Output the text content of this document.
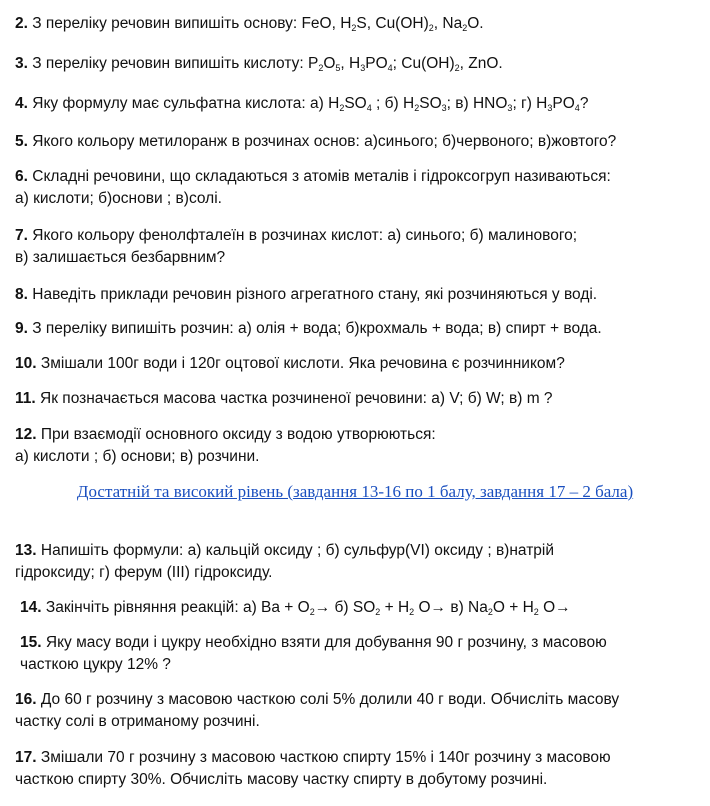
2. З переліку речовин випишіть основу: FeO, $H_2S$, $Cu(OH)_2$, $Na_2O$.
3. З переліку речовин випишіть кислоту: $P_2O_5$, $H_3PO_4$; $Cu(OH)_2$, ZnO.
4. Яку формулу має сульфатна кислота: а) $H_2SO_4$ ; б) $H_2SO_3$; в) $HNO_3$; г) $H_3PO_4$?
5. Якого кольору метилоранж в розчинах основ: а)синього; б)червоного; в)жовтого?
6. Складні речовини, що складаються з атомів металів і гідроксогруп називаються:
а) кислоти; б)основи ; в)солі.
7. Якого кольору фенолфталеїн в розчинах кислот: а) синього; б) малинового;
в) залишається безбарвним?
8. Наведіть приклади речовин різного агрегатного стану, які розчиняються у воді.
9. З переліку випишіть розчин: а) олія + вода; б)крохмаль + вода; в) спирт + вода.
10. Змішали 100г води і 120г оцтової кислоти. Яка речовина є розчинником?
11. Як позначається масова частка розчиненої речовини: а) V; б) W; в) m ?
12. При взаємодії основного оксиду з водою утворюються:
а) кислоти ; б) основи; в) розчини.
Достатній та високий рівень (завдання 13-16 по 1 балу, завдання 17 – 2 бала)
13. Напишіть формули: а) кальцій оксиду ; б) сульфур(VI) оксиду ; в)натрій
гідроксиду; г) ферум (III) гідроксиду.
14. Закінчіть рівняння реакцій: а) $Ba + O_2\to б$) $SO_2 + H_2$ O→ в) $Na_2O + H_2$ O→
15. Яку масу води і цукру необхідно взяти для добування 90 г розчину, з масовою
часткою цукру 12% ?
16. До 60 г розчину з масовою часткою солі 5% долили 40 г води. Обчисліть масову
частку солі в отриманому розчині.
17. Змішали 70 г розчину з масовою часткою спирту 15% і 140г розчину з масовою
часткою спирту 30%. Обчисліть масову частку спирту в добутому розчині.
